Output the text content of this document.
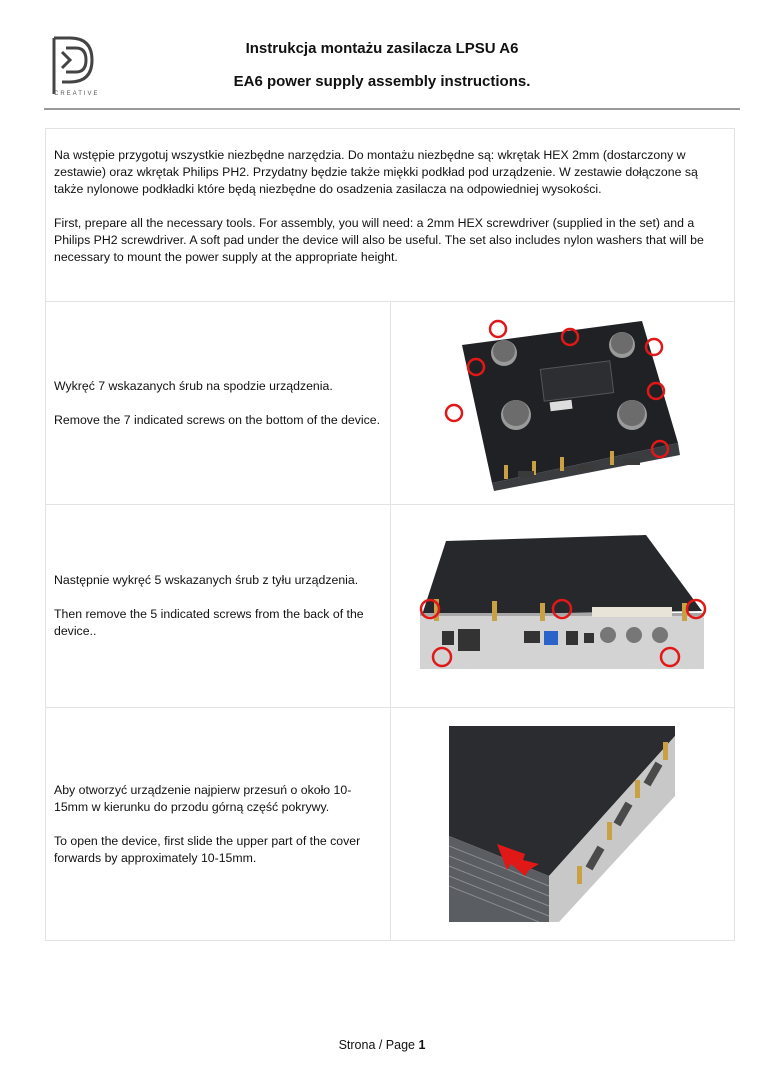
CREATIVE
Instrukcja montażu zasilacza LPSU A6
EA6 power supply assembly instructions.

Na wstępie przygotuj wszystkie niezbędne narzędzia. Do montażu niezbędne są: wkrętak HEX 2mm (dostarczony w zestawie) oraz wkrętak Philips PH2. Przydatny będzie także miękki podkład pod urządzenie. W zestawie dołączone są także nylonowe podkładki które będą niezbędne do osadzenia zasilacza na odpowiedniej wysokości.

First, prepare all the necessary tools. For assembly, you will need: a 2mm HEX screwdriver (supplied in the set) and a Philips PH2 screwdriver. A soft pad under the device will also be useful. The set also includes nylon washers that will be necessary to mount the power supply at the appropriate height.	

Wykręć 7 wskazanych śrub na spodzie urządzenia.

Remove the 7 indicated screws on the bottom of the device.

Następnie wykręć 5 wskazanych śrub z tyłu urządzenia.

Then remove the 5 indicated screws from the back of the device..

Aby otworzyć urządzenie najpierw przesuń o około 10-15mm w kierunku do przodu górną część pokrywy.

To open the device, first slide the upper part of the cover forwards by approximately 10-15mm.

Strona / Page 1
